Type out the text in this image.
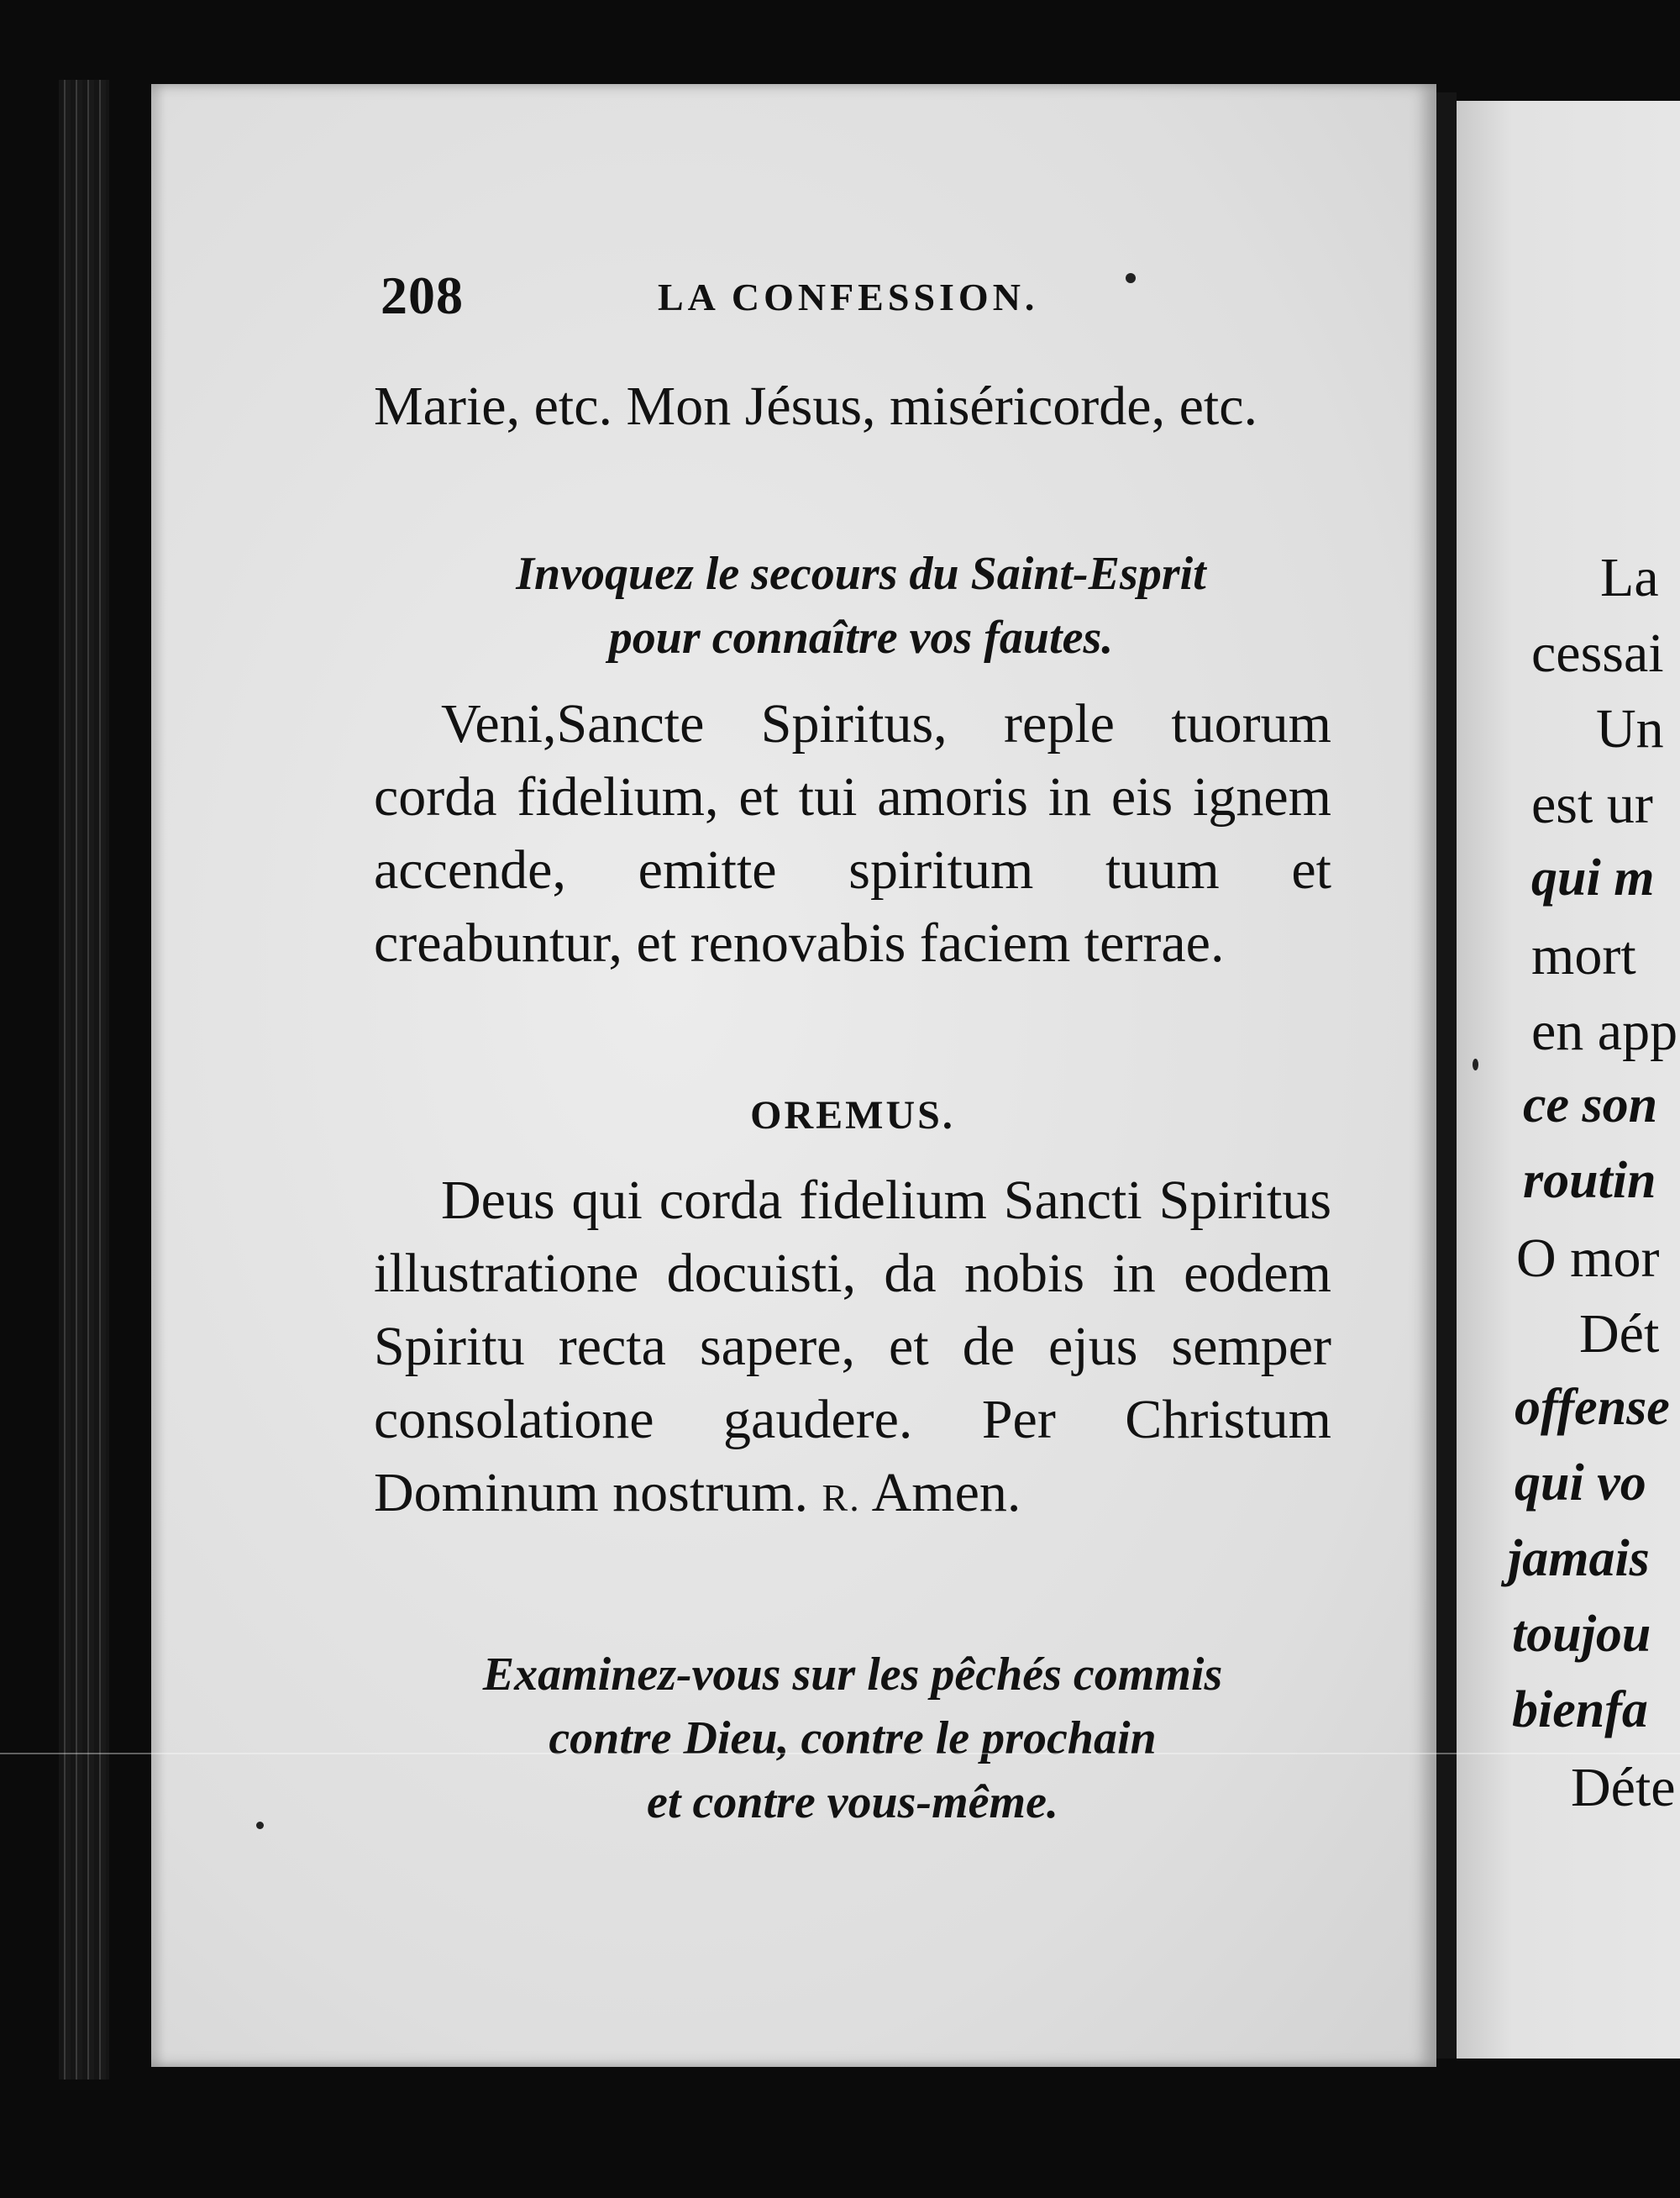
208	LA CONFESSION.

Marie, etc. Mon Jésus, miséricorde, etc.

Invoquez le secours du Saint-Esprit

pour connaître vos fautes.

Veni,Sancte Spiritus, reple tuorum corda fidelium, et tui amoris in eis ignem accende, emitte spiritum tuum et creabuntur, et renovabis faciem terrae.

OREMUS.

Deus qui corda fidelium Sancti Spiritus illustratione docuisti, da nobis in eodem Spiritu recta sapere, et de ejus semper consolatione gaudere. Per Christum Dominum nostrum. R. Amen.

Examinez-vous sur les pêchés commis

contre Dieu, contre le prochain

et contre vous-même.

La
cessai
Un
est ur
qui m
mort
en app
ce son
routin
O mor
Dét
offense
qui vo
jamais
toujou
bienfa
Déte
